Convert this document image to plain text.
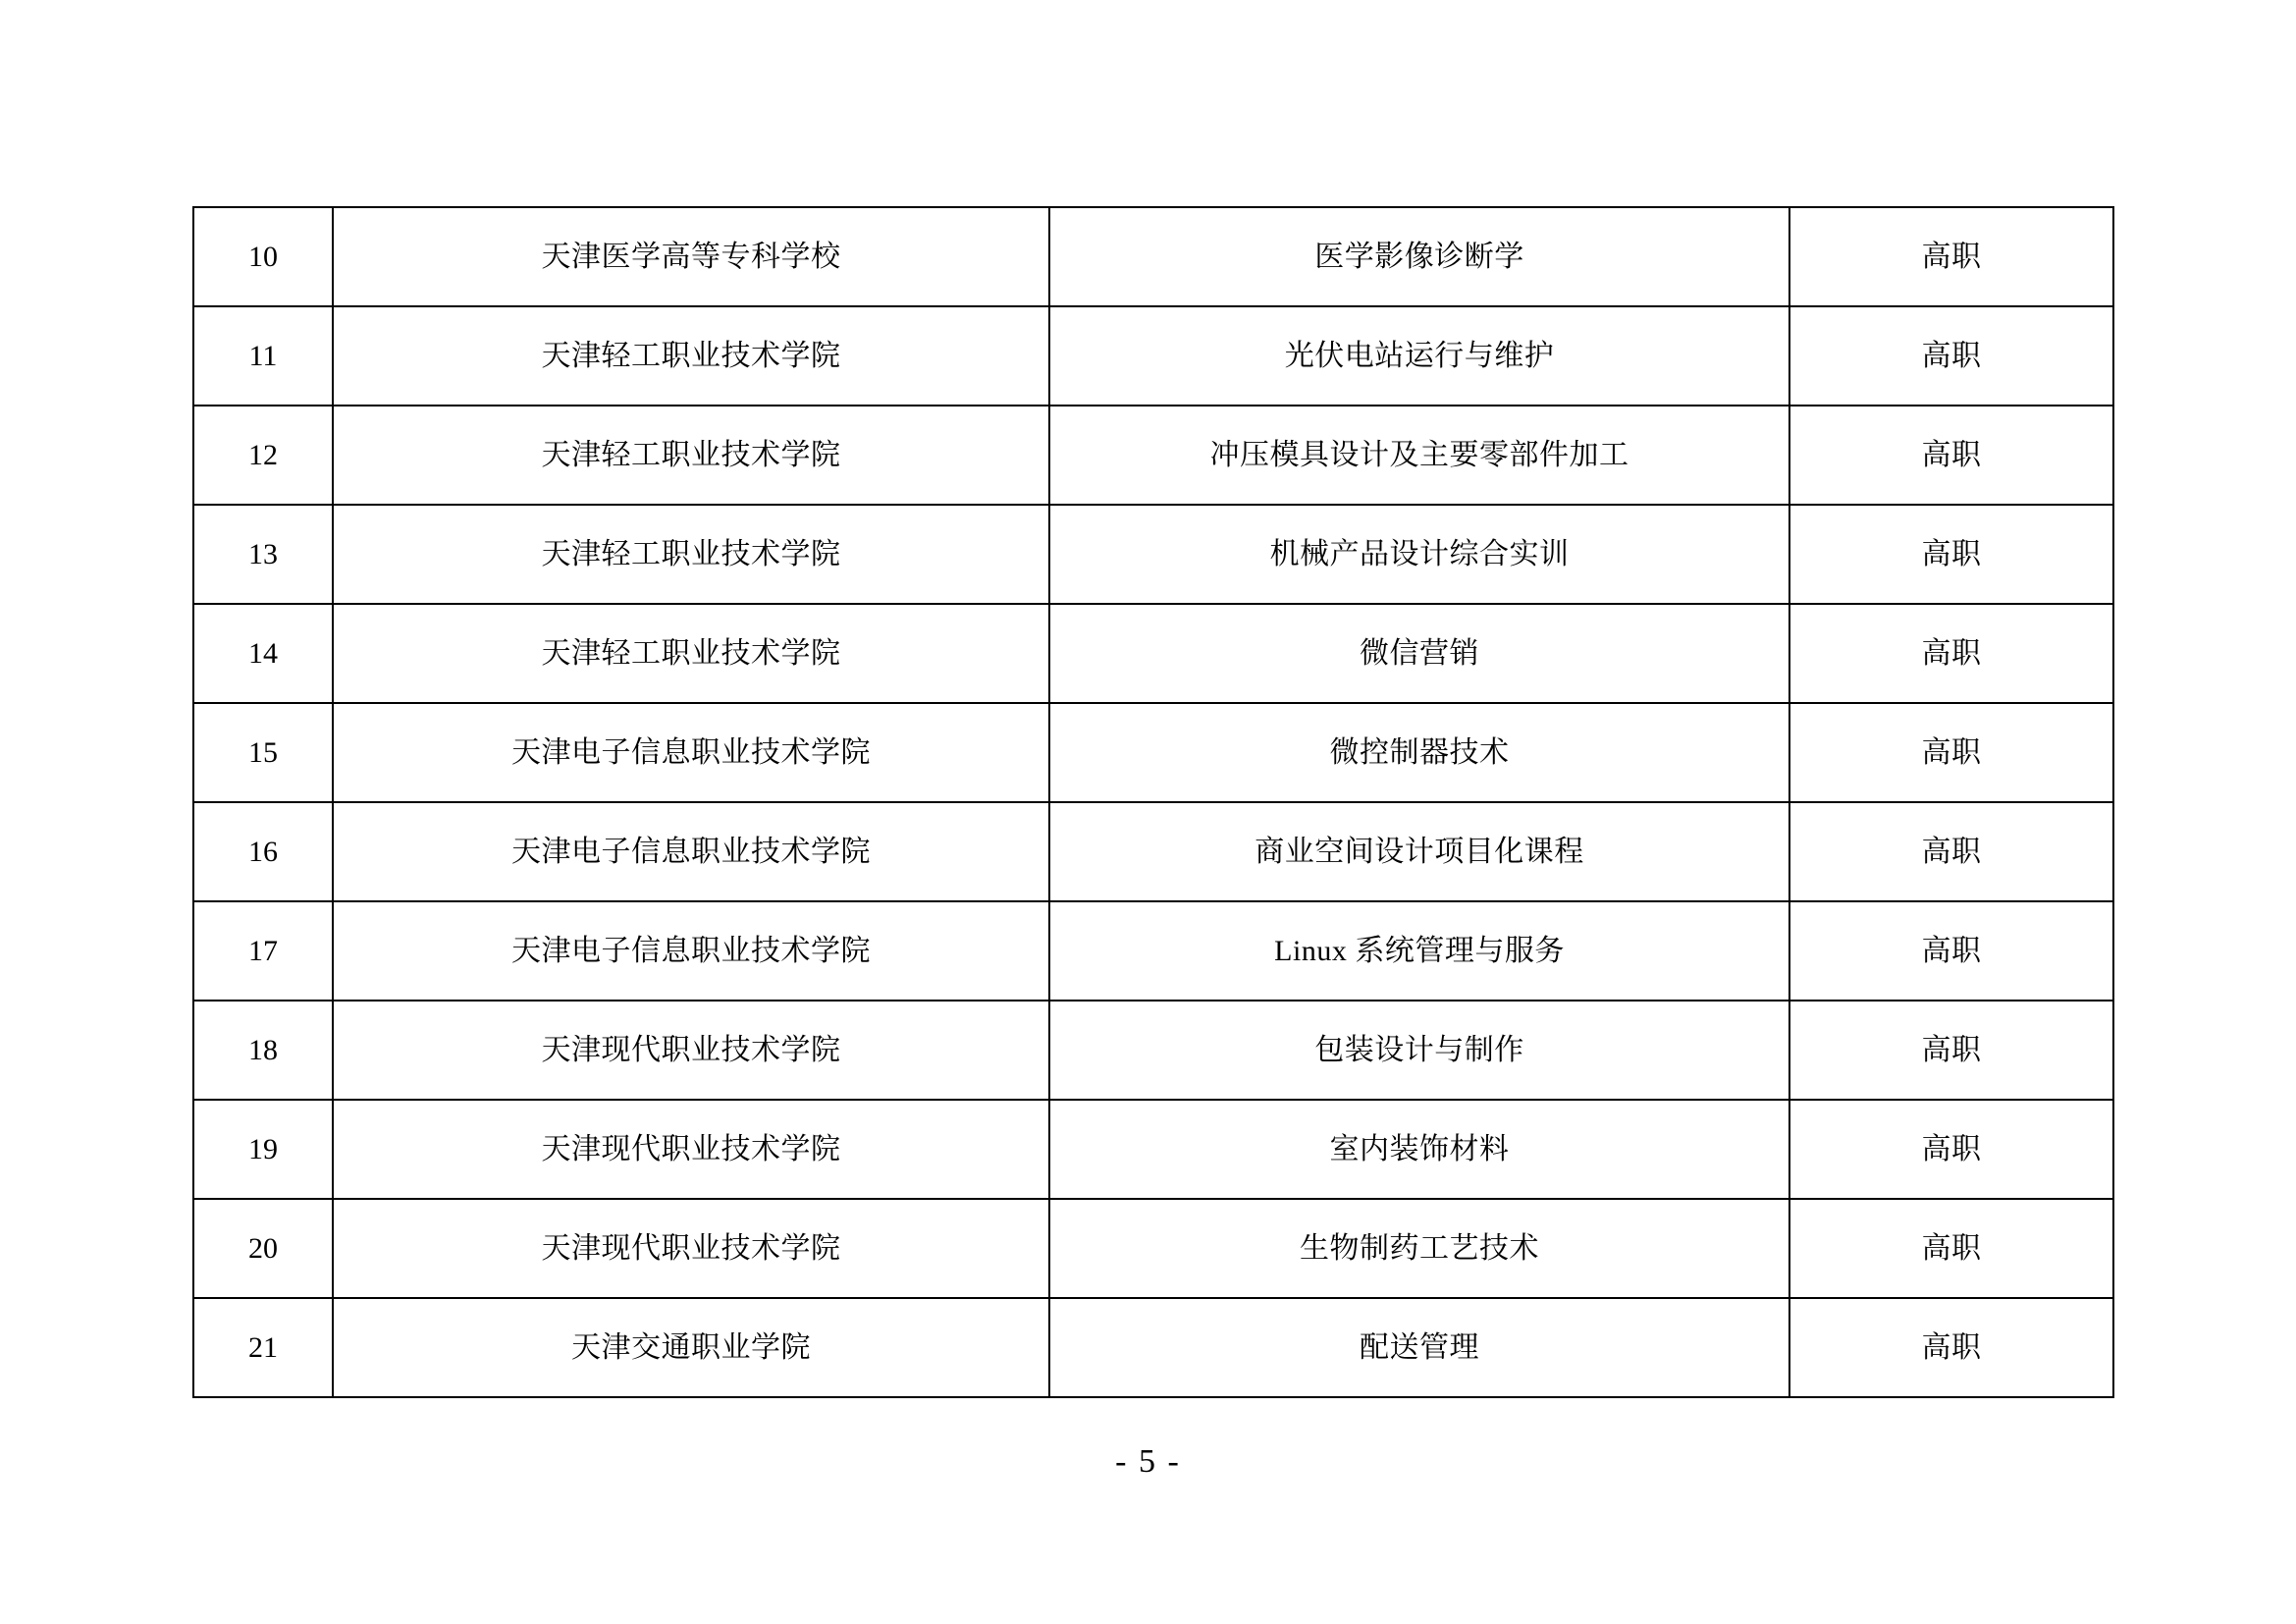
10	天津医学高等专科学校	医学影像诊断学	高职
11	天津轻工职业技术学院	光伏电站运行与维护	高职
12	天津轻工职业技术学院	冲压模具设计及主要零部件加工	高职
13	天津轻工职业技术学院	机械产品设计综合实训	高职
14	天津轻工职业技术学院	微信营销	高职
15	天津电子信息职业技术学院	微控制器技术	高职
16	天津电子信息职业技术学院	商业空间设计项目化课程	高职
17	天津电子信息职业技术学院	Linux 系统管理与服务	高职
18	天津现代职业技术学院	包装设计与制作	高职
19	天津现代职业技术学院	室内装饰材料	高职
20	天津现代职业技术学院	生物制药工艺技术	高职
21	天津交通职业学院	配送管理	高职
- 5 -
